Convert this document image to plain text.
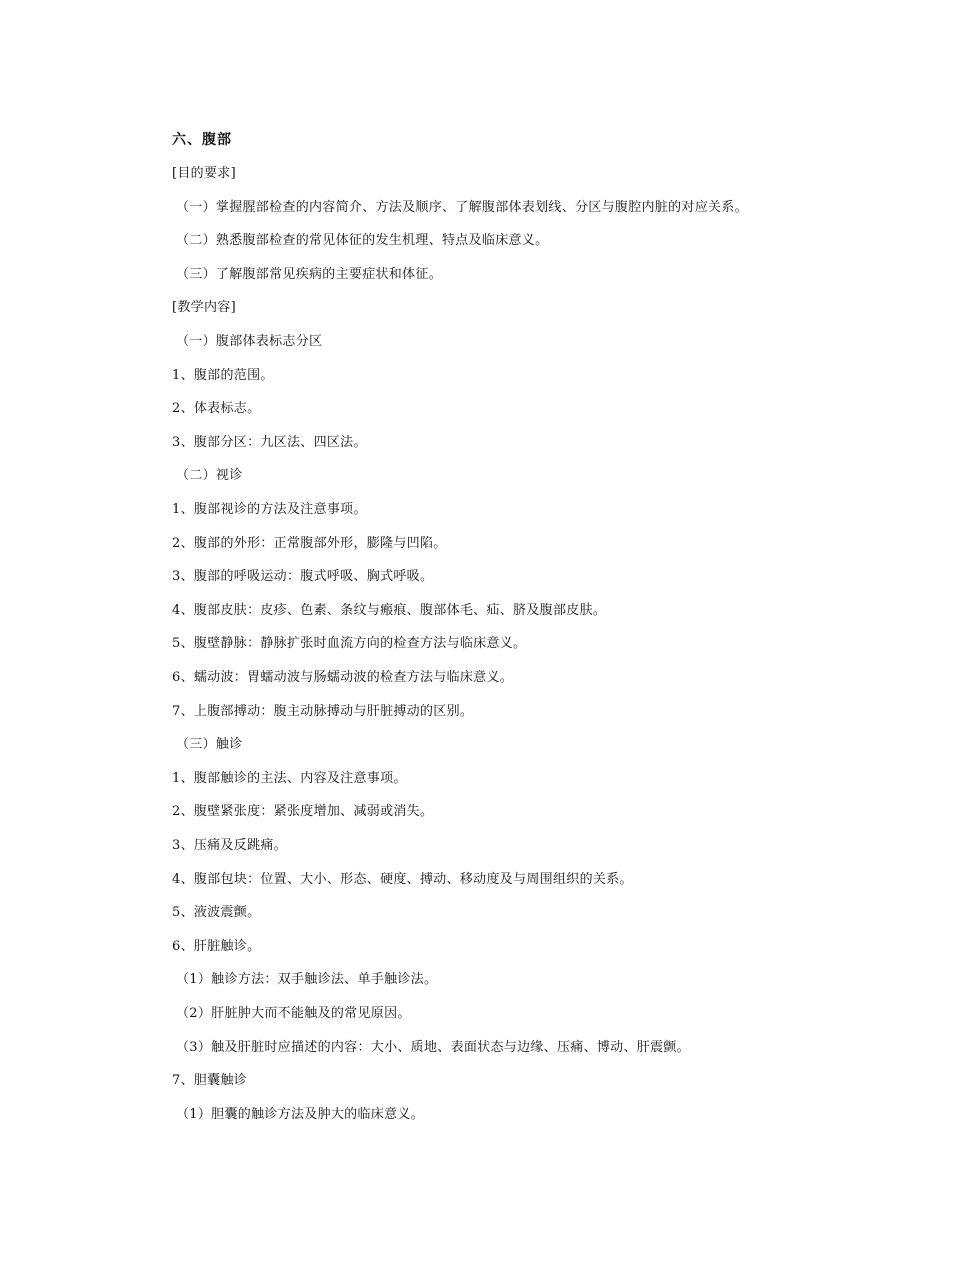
六、腹部
[目的要求]
（一）掌握腥部检查的内容简介、方法及顺序、了解腹部体表划线、分区与腹腔内脏的对应关系。
（二）熟悉腹部检查的常见体征的发生机理、特点及临床意义。
（三）了解腹部常见疾病的主要症状和体征。
[教学内容]
（一）腹部体表标志分区
1、腹部的范围。
2、体表标志。
3、腹部分区：九区法、四区法。
（二）视诊
1、腹部视诊的方法及注意事项。
2、腹部的外形：正常腹部外形，膨隆与凹陷。
3、腹部的呼吸运动：腹式呼吸、胸式呼吸。
4、腹部皮肤：皮疹、色素、条纹与瘢痕、腹部体毛、疝、脐及腹部皮肤。
5、腹壁静脉：静脉扩张时血流方向的检查方法与临床意义。
6、蠕动波：胃蠕动波与肠蠕动波的检查方法与临床意义。
7、上腹部搏动：腹主动脉搏动与肝脏搏动的区别。
（三）触诊
1、腹部触诊的主法、内容及注意事项。
2、腹壁紧张度：紧张度增加、减弱或消失。
3、压痛及反跳痛。
4、腹部包块：位置、大小、形态、硬度、搏动、移动度及与周围组织的关系。
5、液波震颤。
6、肝脏触诊。
（1）触诊方法：双手触诊法、单手触诊法。
（2）肝脏肿大而不能触及的常见原因。
（3）触及肝脏时应描述的内容：大小、质地、表面状态与边缘、压痛、博动、肝震颤。
7、胆囊触诊
（1）胆囊的触诊方法及肿大的临床意义。
